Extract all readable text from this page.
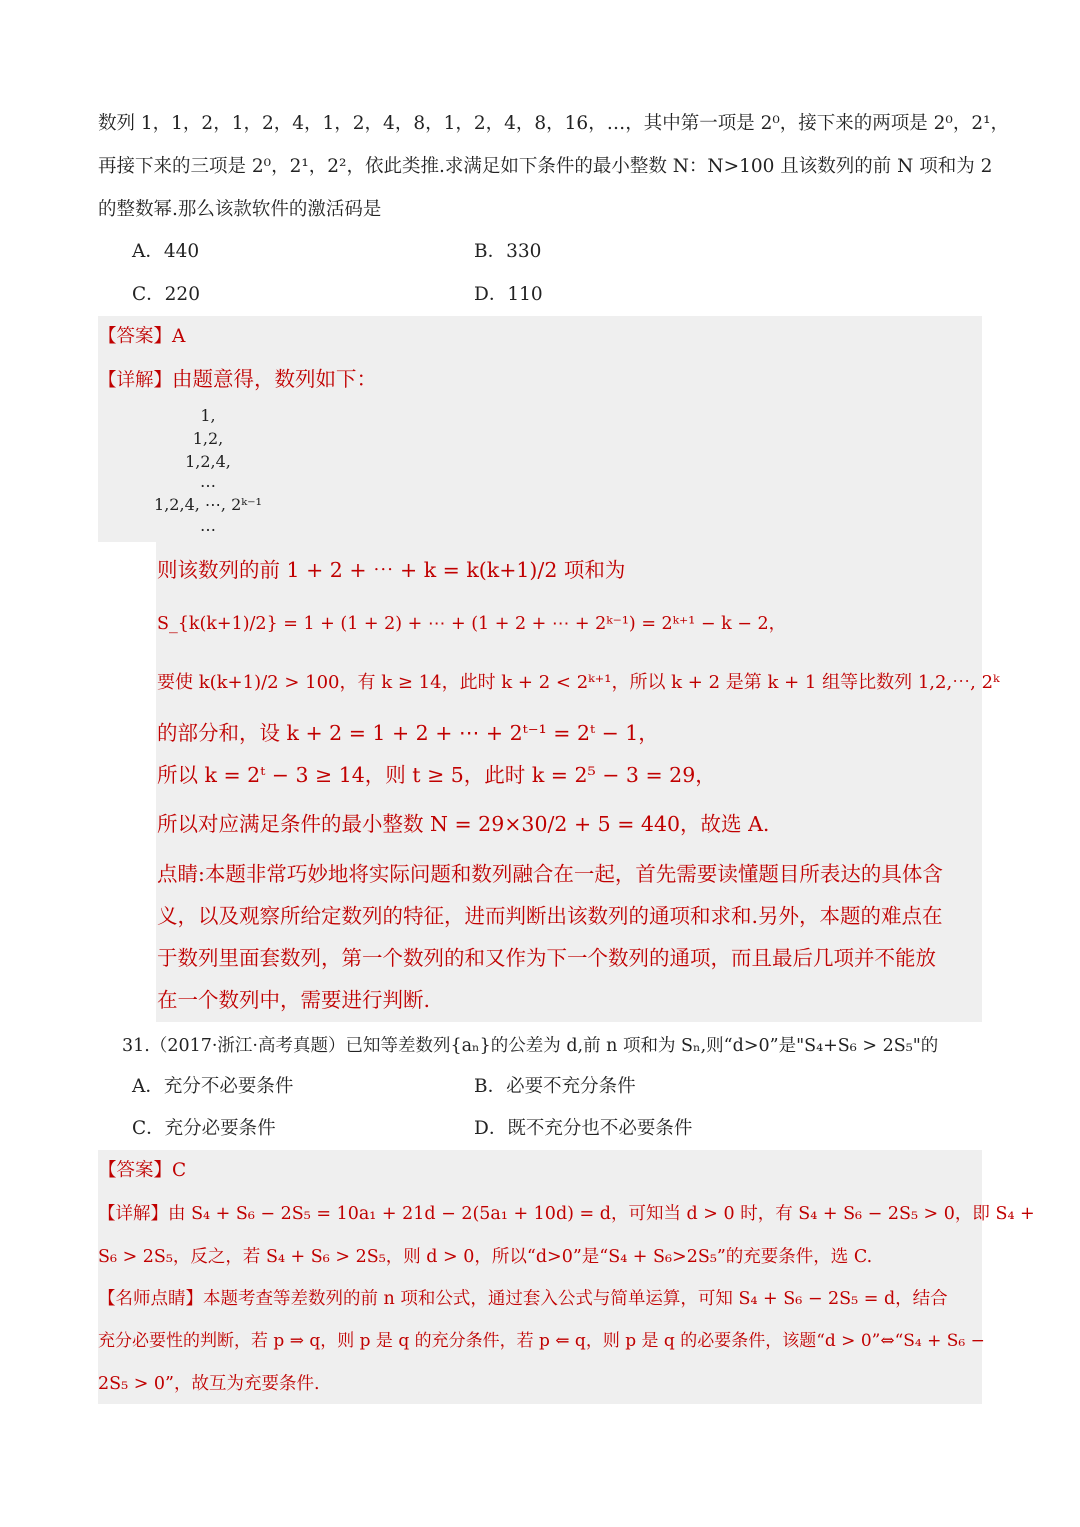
数列 1，1，2，1，2，4，1，2，4，8，1，2，4，8，16，…，其中第一项是 2⁰，接下来的两项是 2⁰，2¹，
再接下来的三项是 2⁰，2¹，2²，依此类推.求满足如下条件的最小整数 N：N>100 且该数列的前 N 项和为 2
的整数幂.那么该款软件的激活码是
A．440	B．330
C．220	D．110
【答案】A
【详解】由题意得，数列如下：
1,
1,2,
1,2,4,
…
1,2,4, ⋯, 2ᵏ⁻¹
…
则该数列的前 1 + 2 + ⋯ + k = k(k+1)/2 项和为
S_{k(k+1)/2} = 1 + (1 + 2) + ⋯ + (1 + 2 + ⋯ + 2ᵏ⁻¹) = 2ᵏ⁺¹ − k − 2，
要使 k(k+1)/2 > 100，有 k ≥ 14，此时 k + 2 < 2ᵏ⁺¹，所以 k + 2 是第 k + 1 组等比数列 1,2,⋯, 2ᵏ
的部分和，设 k + 2 = 1 + 2 + ⋯ + 2ᵗ⁻¹ = 2ᵗ − 1，
所以 k = 2ᵗ − 3 ≥ 14，则 t ≥ 5，此时 k = 2⁵ − 3 = 29，
所以对应满足条件的最小整数 N = 29×30/2 + 5 = 440，故选 A.
点睛:本题非常巧妙地将实际问题和数列融合在一起，首先需要读懂题目所表达的具体含
义，以及观察所给定数列的特征，进而判断出该数列的通项和求和.另外，本题的难点在
于数列里面套数列，第一个数列的和又作为下一个数列的通项，而且最后几项并不能放
在一个数列中，需要进行判断.
31.（2017·浙江·高考真题）已知等差数列{aₙ}的公差为 d,前 n 项和为 Sₙ,则“d>0”是"S₄+S₆ > 2S₅"的
A．充分不必要条件	B．必要不充分条件
C．充分必要条件	D．既不充分也不必要条件
【答案】C
【详解】由 S₄ + S₆ − 2S₅ = 10a₁ + 21d − 2(5a₁ + 10d) = d，可知当 d > 0 时，有 S₄ + S₆ − 2S₅ > 0，即 S₄ +
S₆ > 2S₅，反之，若 S₄ + S₆ > 2S₅，则 d > 0，所以“d>0”是“S₄ + S₆>2S₅”的充要条件，选 C.
【名师点睛】本题考查等差数列的前 n 项和公式，通过套入公式与简单运算，可知 S₄ + S₆ − 2S₅ = d，结合
充分必要性的判断，若 p ⇒ q，则 p 是 q 的充分条件，若 p ⇐ q，则 p 是 q 的必要条件，该题“d > 0”⇔“S₄ + S₆ −
2S₅ > 0”，故互为充要条件.
